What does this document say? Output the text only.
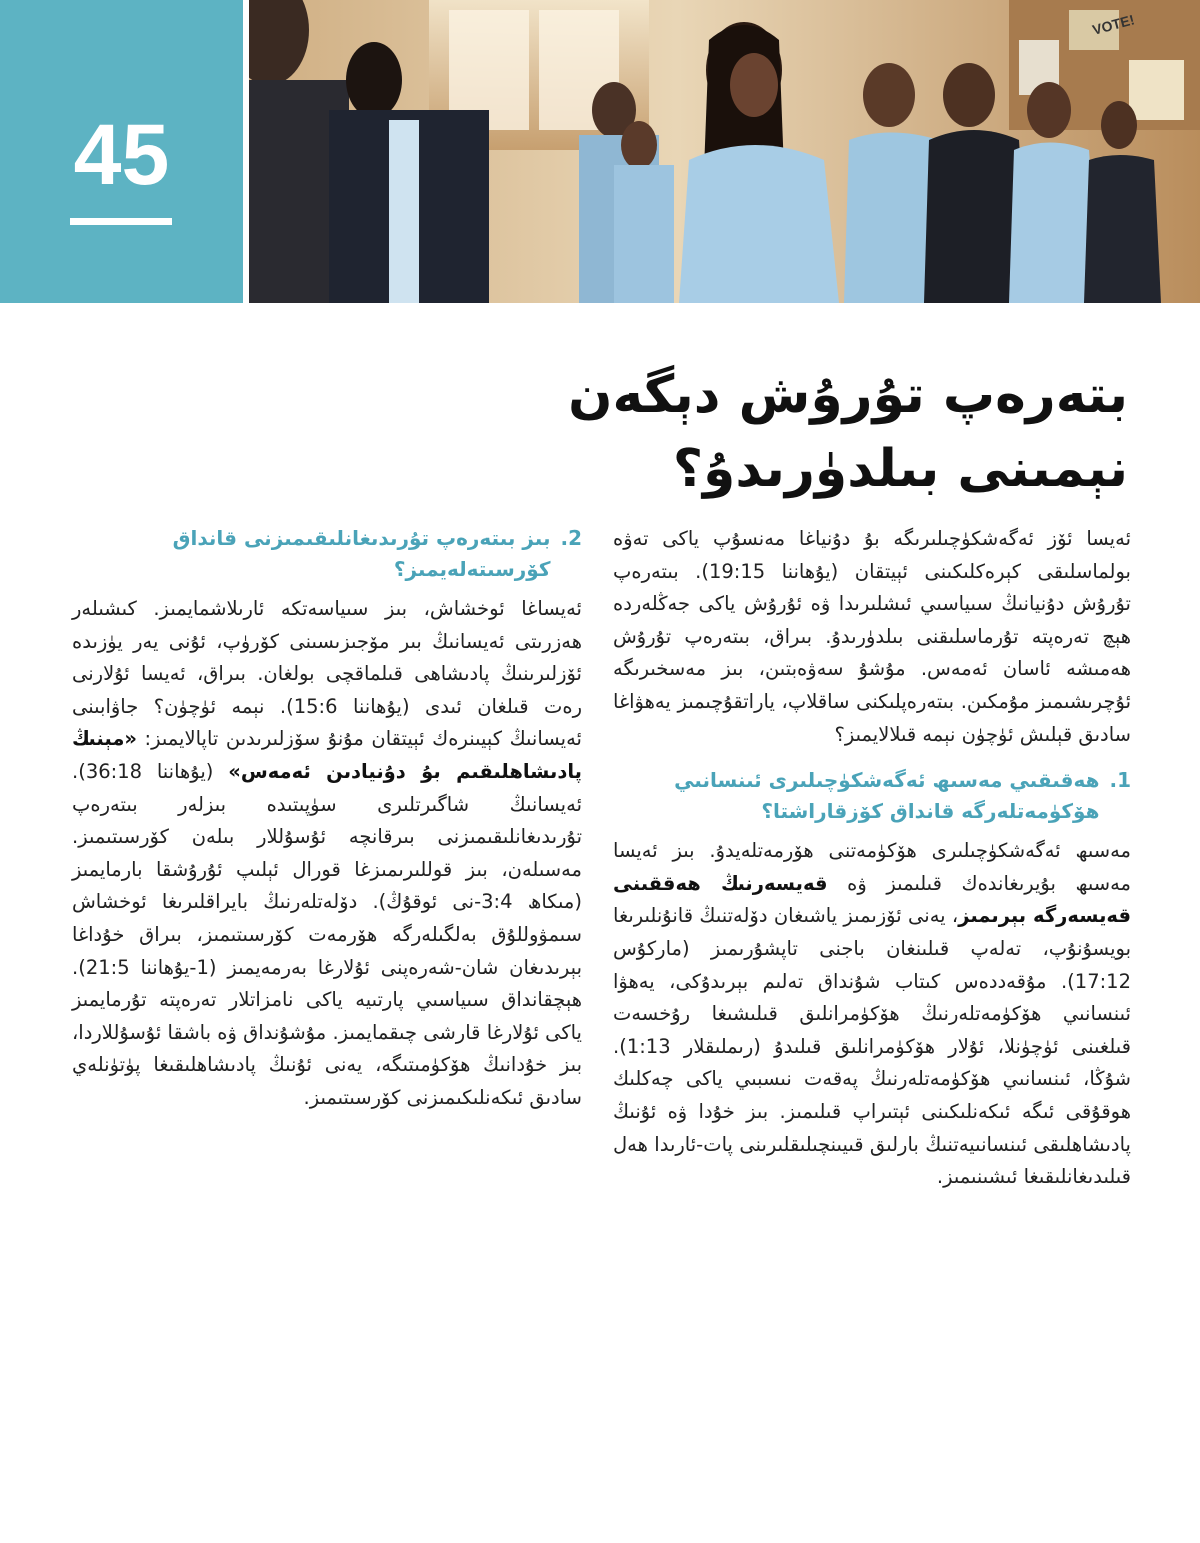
45
VOTE!
بتەرەپ تۇرۇش دېگەن
نېمىنى بىلدۈرىدۇ؟

ئەيسا ئۆز ئەگەشكۈچىلىرىگە بۇ دۇنياغا مەنسۇپ ياكى تەۋە بولماسلىقى كېرەكلىكىنى ئېيتقان (يۇھاننا 19:15). بىتەرەپ تۇرۇش دۇنيانىڭ سىياسىي ئىشلىرىدا ۋە ئۇرۇش ياكى جەڭلەردە ھېچ تەرەپتە تۇرماسلىقنى بىلدۈرىدۇ. بىراق، بىتەرەپ تۇرۇش ھەمىشە ئاسان ئەمەس. مۇشۇ سەۋەبتىن، بىز مەسخىرىگە ئۇچرىشىمىز مۇمكىن. بىتەرەپلىكنى ساقلاپ، ياراتقۇچىمىز يەھۋاغا سادىق قېلىش ئۈچۈن نېمە قىلالايمىز؟

1.
ھەقىقىي مەسىھ ئەگەشكۈچىلىرى ئىنسانىي ھۆكۈمەتلەرگە قانداق كۆزقاراشتا؟

مەسىھ ئەگەشكۈچىلىرى ھۆكۈمەتنى ھۆرمەتلەيدۇ. بىز ئەيسا مەسىھ بۇيرىغاندەك قىلىمىز ۋە قەيسەرنىڭ ھەققىنى قەيسەرگە بېرىمىز، يەنى ئۆزىمىز ياشىغان دۆلەتنىڭ قانۇنلىرىغا بويسۇنۇپ، تەلەپ قىلىنغان باجنى تاپشۇرىمىز (ماركۇس 17:12). مۇقەددەس كىتاب شۇنداق تەلىم بېرىدۇكى، يەھۋا ئىنسانىي ھۆكۈمەتلەرنىڭ ھۆكۈمرانلىق قىلىشىغا رۇخسەت قىلغىنى ئۈچۈنلا، ئۇلار ھۆكۈمرانلىق قىلىدۇ (رىملىقلار 1:13). شۇڭا، ئىنسانىي ھۆكۈمەتلەرنىڭ پەقەت نىسبىي ياكى چەكلىك ھوقۇقى ئىگە ئىكەنلىكىنى ئېتىراپ قىلىمىز. بىز خۇدا ۋە ئۇنىڭ پادىشاھلىقى ئىنسانىيەتنىڭ بارلىق قىيىنچىلىقلىرىنى پات-ئارىدا ھەل قىلىدىغانلىقىغا ئىشىنىمىز.

2.
بىز بىتەرەپ تۇرىدىغانلىقىمىزنى قانداق كۆرسىتەلەيمىز؟

ئەيساغا ئوخشاش، بىز سىياسەتكە ئارىلاشمايمىز. كىشىلەر ھەزرىتى ئەيسانىڭ بىر مۆجىزىسىنى كۆرۈپ، ئۇنى يەر يۈزىدە ئۆزلىرىنىڭ پادىشاھى قىلماقچى بولغان. بىراق، ئەيسا ئۇلارنى رەت قىلغان ئىدى (يۇھاننا 15:6). نېمە ئۈچۈن؟ جاۋابىنى ئەيسانىڭ كېيىنرەك ئېيتقان مۇنۇ سۆزلىرىدىن تاپالايمىز: «مېنىڭ پادىشاھلىقىم بۇ دۇنيادىن ئەمەس» (يۇھاننا 36:18). ئەيسانىڭ شاگىرتلىرى سۈپىتىدە بىزلەر بىتەرەپ تۇرىدىغانلىقىمىزنى بىرقانچە ئۇسۇللار بىلەن كۆرسىتىمىز. مەسىلەن، بىز قوللىرىمىزغا قورال ئېلىپ ئۇرۇشقا بارمايمىز (مىكاھ 3:4-نى ئوقۇڭ). دۆلەتلەرنىڭ بايراقلىرىغا ئوخشاش سىمۋوللۇق بەلگىلەرگە ھۆرمەت كۆرسىتىمىز، بىراق خۇداغا بېرىدىغان شان-شەرەپنى ئۇلارغا بەرمەيمىز (1-يۇھاننا 21:5). ھېچقانداق سىياسىي پارتىيە ياكى نامزاتلار تەرەپتە تۇرمايمىز ياكى ئۇلارغا قارشى چىقمايمىز. مۇشۇنداق ۋە باشقا ئۇسۇللاردا، بىز خۇدانىڭ ھۆكۈمىتىگە، يەنى ئۇنىڭ پادىشاھلىقىغا پۈتۈنلەي سادىق ئىكەنلىكىمىزنى كۆرسىتىمىز.
